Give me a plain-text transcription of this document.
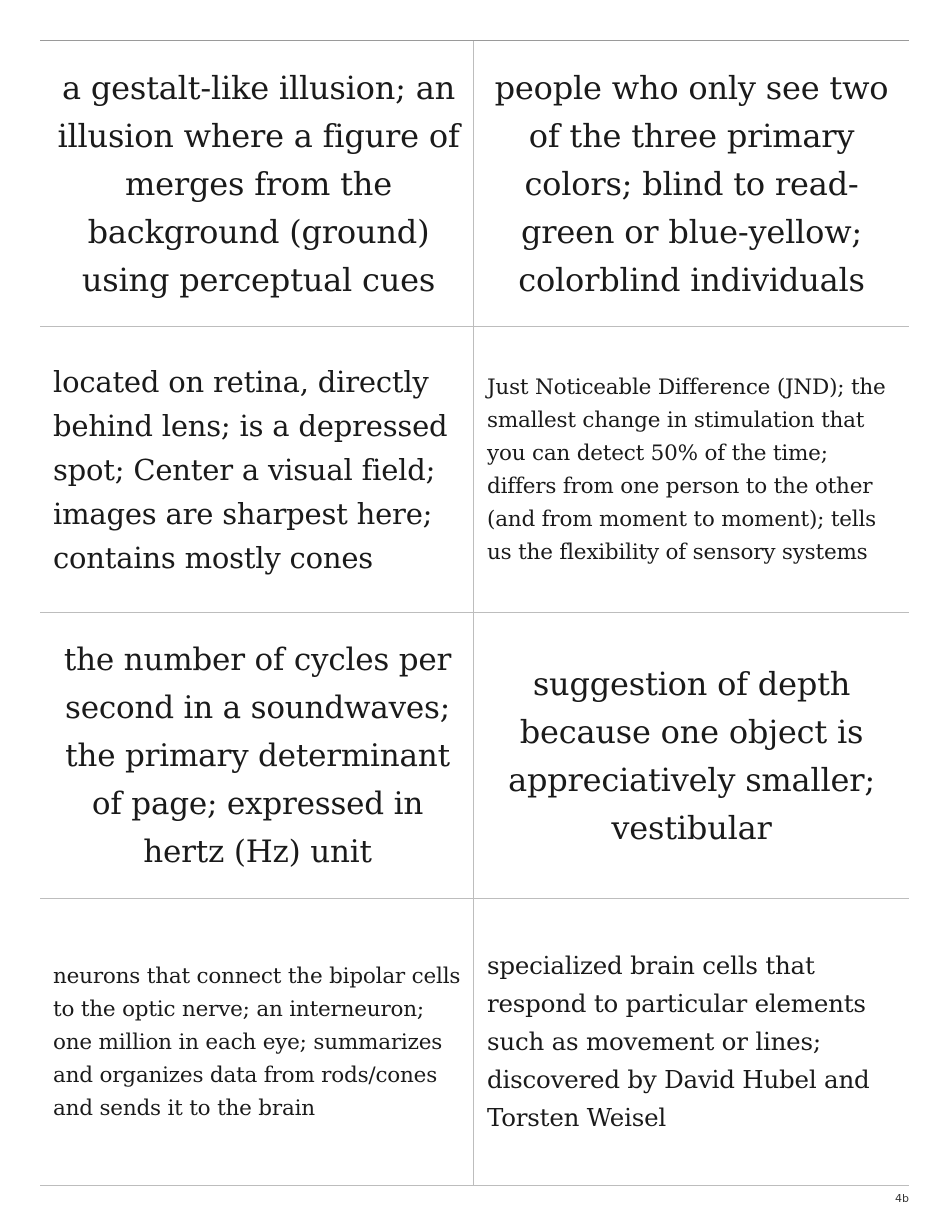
a gestalt-like illusion; an illusion where a figure of merges from the background (ground) using perceptual cues

people who only see two of the three primary colors; blind to read-green or blue-yellow; colorblind individuals

located on retina, directly behind lens; is a depressed spot; Center a visual field; images are sharpest here; contains mostly cones

Just Noticeable Difference (JND); the smallest change in stimulation that you can detect 50% of the time; differs from one person to the other (and from moment to moment); tells us the flexibility of sensory systems

the number of cycles per second in a soundwaves; the primary determinant of page; expressed in hertz (Hz) unit

suggestion of depth because one object is appreciatively smaller; vestibular

neurons that connect the bipolar cells to the optic nerve; an interneuron; one million in each eye; summarizes and organizes data from rods/cones and sends it to the brain

specialized brain cells that respond to particular elements such as movement or lines; discovered by David Hubel and Torsten Weisel

4b
